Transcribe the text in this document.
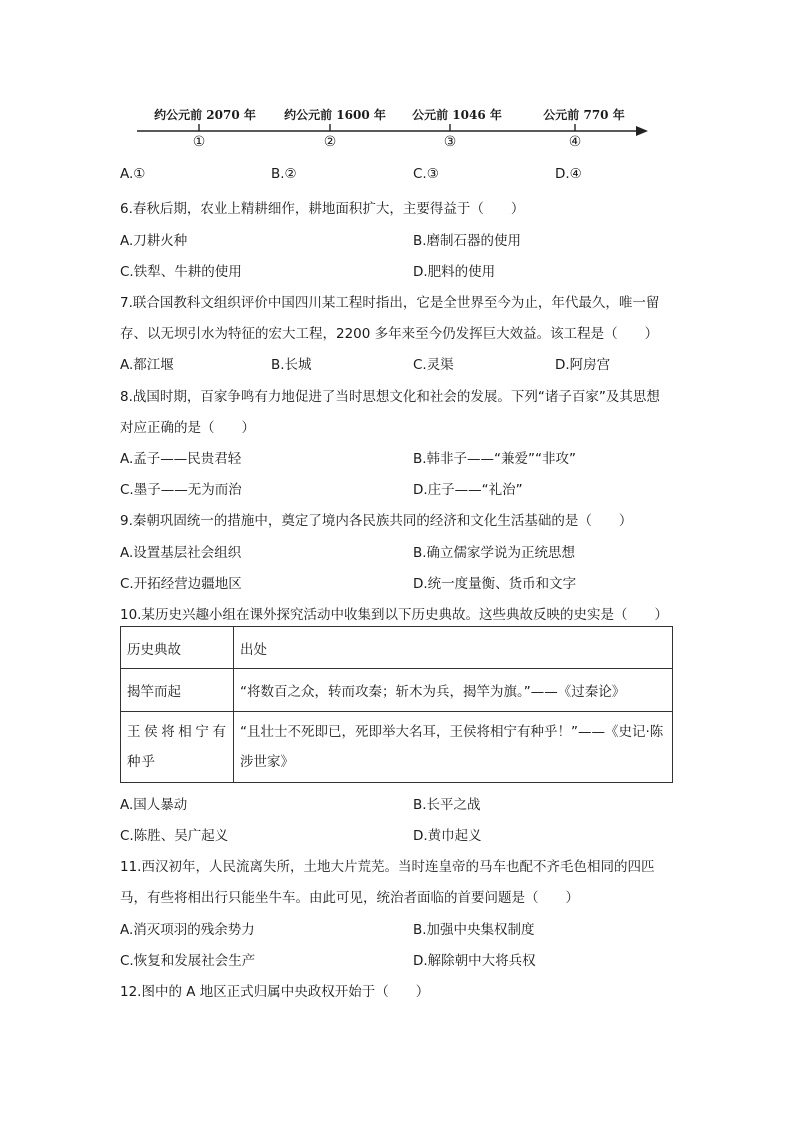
约公元前 2070 年 约公元前 1600 年 公元前 1046 年	公元前 770 年
①	②	③	④
A.①	B.②	C.③	D.④
6.春秋后期，农业上精耕细作，耕地面积扩大，主要得益于（　　）
A.刀耕火种	B.磨制石器的使用
C.铁犁、牛耕的使用	D.肥料的使用
7.联合国教科文组织评价中国四川某工程时指出，它是全世界至今为止，年代最久，唯一留
存、以无坝引水为特征的宏大工程，2200 多年来至今仍发挥巨大效益。该工程是（　　）
A.都江堰	B.长城	C.灵渠	D.阿房宫
8.战国时期，百家争鸣有力地促进了当时思想文化和社会的发展。下列“诸子百家”及其思想
对应正确的是（　　）
A.孟子——民贵君轻	B.韩非子——“兼爱”“非攻”
C.墨子——无为而治	D.庄子——“礼治”
9.秦朝巩固统一的措施中，奠定了境内各民族共同的经济和文化生活基础的是（　　）
A.设置基层社会组织	B.确立儒家学说为正统思想
C.开拓经营边疆地区	D.统一度量衡、货币和文字
10.某历史兴趣小组在课外探究活动中收集到以下历史典故。这些典故反映的史实是（　　）
历史典故	出处
揭竿而起	“将数百之众，转而攻秦；斩木为兵，揭竿为旗。”——《过秦论》
王侯将相宁有种乎	“且壮士不死即已，死即举大名耳，王侯将相宁有种乎！”——《史记·陈涉世家》
A.国人暴动	B.长平之战
C.陈胜、吴广起义	D.黄巾起义
11.西汉初年，人民流离失所，土地大片荒芜。当时连皇帝的马车也配不齐毛色相同的四匹
马，有些将相出行只能坐牛车。由此可见，统治者面临的首要问题是（　　）
A.消灭项羽的残余势力	B.加强中央集权制度
C.恢复和发展社会生产	D.解除朝中大将兵权
12.图中的 A 地区正式归属中央政权开始于（　　）
